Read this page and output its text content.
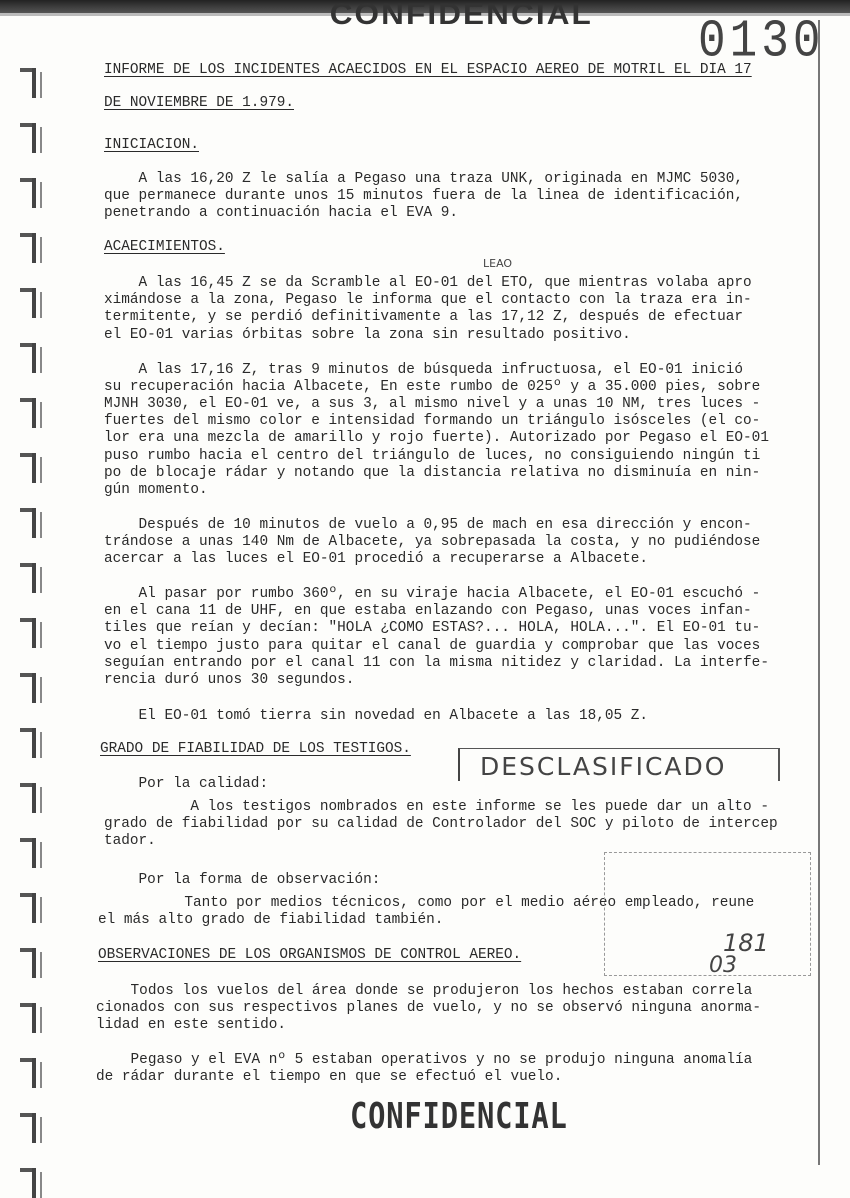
CONFIDENCIAL 0130
INFORME DE LOS INCIDENTES ACAECIDOS EN EL ESPACIO AEREO DE MOTRIL EL DIA 17
DE NOVIEMBRE DE 1.979.
INICIACION.
A las 16,20 Z le salía a Pegaso una traza UNK, originada en MJMC 5030,
que permanece durante unos 15 minutos fuera de la linea de identificación,
penetrando a continuación hacia el EVA 9.
ACAECIMIENTOS.
A las 16,45 Z se da Scramble al EO-01 del ETO, que mientras volaba apro
ximándose a la zona, Pegaso le informa que el contacto con la traza era in-
termitente, y se perdió definitivamente a las 17,12 Z, después de efectuar
el EO-01 varias órbitas sobre la zona sin resultado positivo.
A las 17,16 Z, tras 9 minutos de búsqueda infructuosa, el EO-01 inició
su recuperación hacia Albacete, En este rumbo de 025º y a 35.000 pies, sobre
MJNH 3030, el EO-01 ve, a sus 3, al mismo nivel y a unas 10 NM, tres luces -
fuertes del mismo color e intensidad formando un triángulo isósceles (el co-
lor era una mezcla de amarillo y rojo fuerte). Autorizado por Pegaso el EO-01
puso rumbo hacia el centro del triángulo de luces, no consiguiendo ningún ti
po de blocaje rádar y notando que la distancia relativa no disminuía en nin-
gún momento.
Después de 10 minutos de vuelo a 0,95 de mach en esa dirección y encon-
trándose a unas 140 Nm de Albacete, ya sobrepasada la costa, y no pudiéndose
acercar a las luces el EO-01 procedió a recuperarse a Albacete.
Al pasar por rumbo 360º, en su viraje hacia Albacete, el EO-01 escuchó -
en el cana 11 de UHF, en que estaba enlazando con Pegaso, unas voces infan-
tiles que reían y decían: "HOLA ¿COMO ESTAS?... HOLA, HOLA...". El EO-01 tu-
vo el tiempo justo para quitar el canal de guardia y comprobar que las voces
seguían entrando por el canal 11 con la misma nitidez y claridad. La interfe-
rencia duró unos 30 segundos.
El EO-01 tomó tierra sin novedad en Albacete a las 18,05 Z.
GRADO DE FIABILIDAD DE LOS TESTIGOS.
Por la calidad:
A los testigos nombrados en este informe se les puede dar un alto -
grado de fiabilidad por su calidad de Controlador del SOC y piloto de intercep
tador.
Por la forma de observación:
Tanto por medios técnicos, como por el medio aéreo empleado, reune
el más alto grado de fiabilidad también.
OBSERVACIONES DE LOS ORGANISMOS DE CONTROL AEREO.
Todos los vuelos del área donde se produjeron los hechos estaban correla
cionados con sus respectivos planes de vuelo, y no se observó ninguna anorma-
lidad en este sentido.
Pegaso y el EVA nº 5 estaban operativos y no se produjo ninguna anomalía
de rádar durante el tiempo en que se efectuó el vuelo.
LEAO
DESCLASIFICADO
181
03
CONFIDENCIAL
